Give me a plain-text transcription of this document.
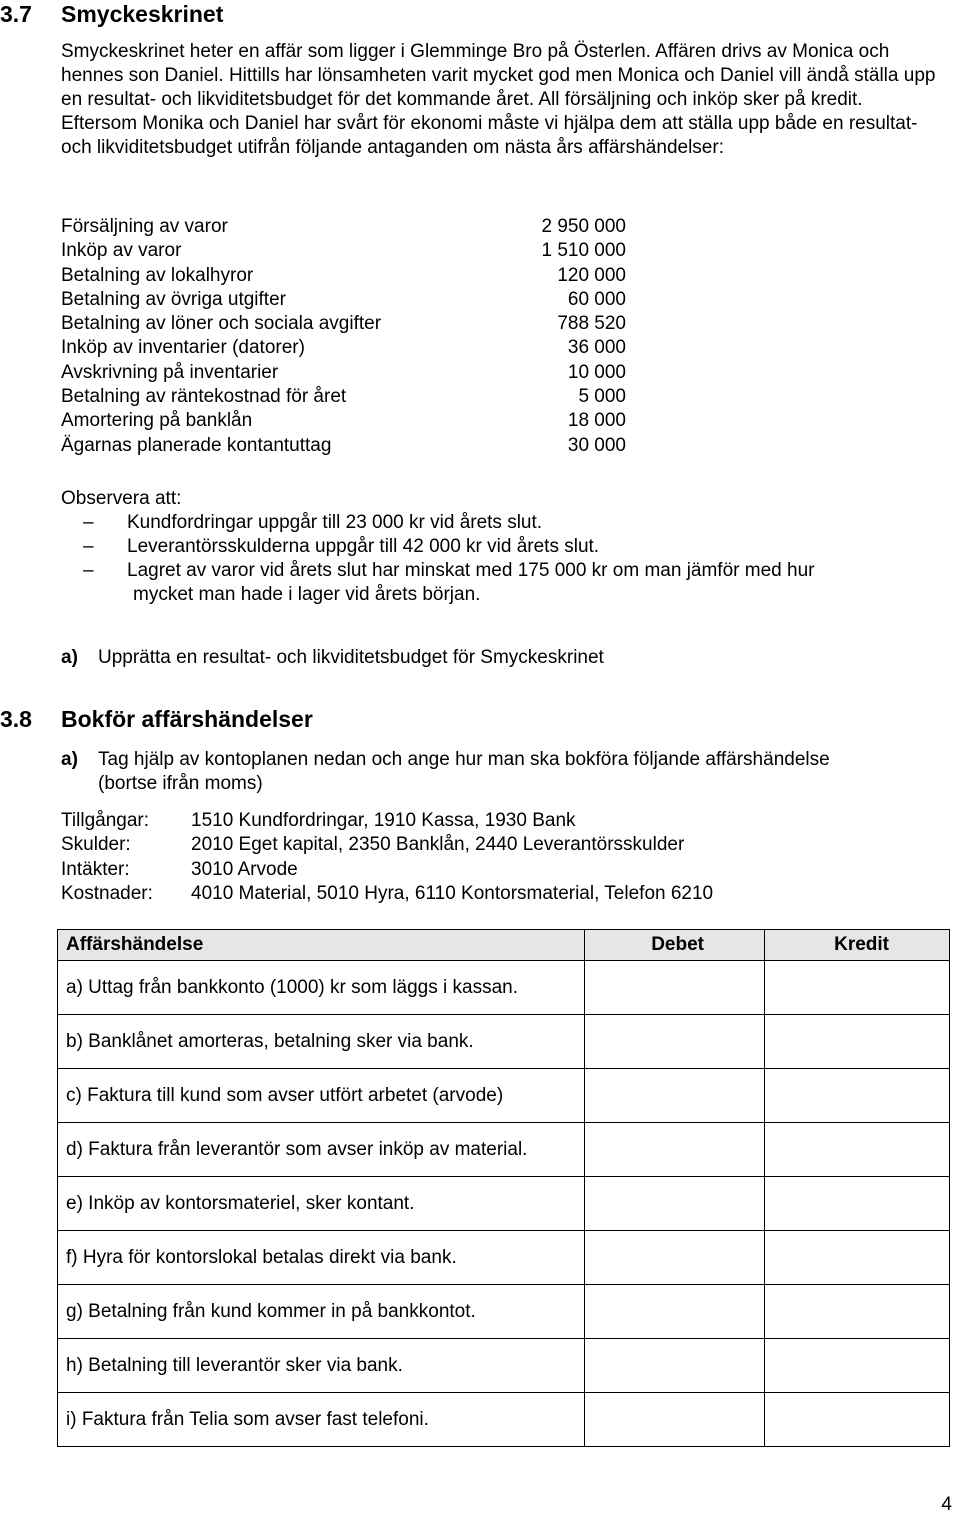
3.7 Smyckeskrinet

Smyckeskrinet heter en affär som ligger i Glemminge Bro på Österlen. Affären drivs av Monica och hennes son Daniel. Hittills har lönsamheten varit mycket god men Monica och Daniel vill ändå ställa upp en resultat- och likviditetsbudget för det kommande året. All försäljning och inköp sker på kredit. Eftersom Monika och Daniel har svårt för ekonomi måste vi hjälpa dem att ställa upp både en resultat- och likviditetsbudget utifrån följande antaganden om nästa års affärshändelser:

Försäljning av varor	2 950 000
Inköp av varor	1 510 000
Betalning av lokalhyror	120 000
Betalning av övriga utgifter	60 000
Betalning av löner och sociala avgifter	788 520
Inköp av inventarier (datorer)	36 000
Avskrivning på inventarier	10 000
Betalning av räntekostnad för året	5 000
Amortering på banklån	18 000
Ägarnas planerade kontantuttag	30 000

Observera att:

– Kundfordringar uppgår till 23 000 kr vid årets slut.

– Leverantörsskulderna uppgår till 42 000 kr vid årets slut.

– Lagret av varor vid årets slut har minskat med 175 000 kr om man jämför med hur
mycket man hade i lager vid årets början.

a)	Upprätta en resultat- och likviditetsbudget för Smyckeskrinet
3.8 Bokför affärshändelser
a)	Tag hjälp av kontoplanen nedan och ange hur man ska bokföra följande affärshändelse
(bortse ifrån moms)
Tillgångar:	1510 Kundfordringar, 1910 Kassa, 1930 Bank
Skulder:	2010 Eget kapital, 2350 Banklån, 2440 Leverantörsskulder
Intäkter:	3010 Arvode
Kostnader:	4010 Material, 5010 Hyra, 6110 Kontorsmaterial, Telefon 6210
Affärshändelse	Debet	Kredit
a) Uttag från bankkonto (1000) kr som läggs i kassan.		
b) Banklånet amorteras, betalning sker via bank.		
c) Faktura till kund som avser utfört arbetet (arvode)		
d) Faktura från leverantör som avser inköp av material.		
e) Inköp av kontorsmateriel, sker kontant.		
f) Hyra för kontorslokal betalas direkt via bank.		
g) Betalning från kund kommer in på bankkontot.		
h) Betalning till leverantör sker via bank.		
i) Faktura från Telia som avser fast telefoni.		
4
